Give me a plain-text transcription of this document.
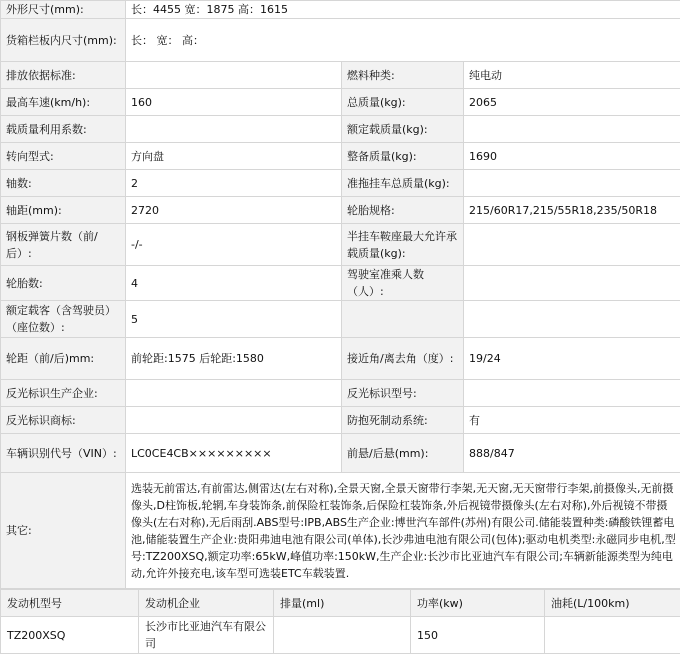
外形尺寸(mm):	长：4455 宽：1875 高：1615		
货箱栏板内尺寸(mm):	长： 宽： 高：		
排放依据标准:		燃料种类:	纯电动
最高车速(km/h):	160	总质量(kg):	2065
载质量利用系数:		额定载质量(kg):	
转向型式:	方向盘	整备质量(kg):	1690
轴数:	2	准拖挂车总质量(kg):	
轴距(mm):	2720	轮胎规格:	215/60R17,215/55R18,235/50R18
钢板弹簧片数（前/后）:	-/-	半挂车鞍座最大允许承载质量(kg):	
轮胎数:	4	驾驶室准乘人数（人）:	
额定载客（含驾驶员）（座位数）:	5		
轮距（前/后)mm:	前轮距:1575 后轮距:1580	接近角/离去角（度）:	19/24
反光标识生产企业:		反光标识型号:	
反光标识商标:		防抱死制动系统:	有
车辆识别代号（VIN）:	LC0CE4CB×××××××××	前悬/后悬(mm):	888/847
其它:	选装无前雷达,有前雷达,侧雷达(左右对称),全景天窗,全景天窗带行李架,无天窗,无天窗带行李架,前摄像头,无前摄像头,D柱饰板,轮辋,车身装饰条,前保险杠装饰条,后保险杠装饰条,外后视镜带摄像头(左右对称),外后视镜不带摄像头(左右对称),无后雨刮.ABS型号:IPB,ABS生产企业:博世汽车部件(苏州)有限公司.储能装置种类:磷酸铁锂蓄电池,储能装置生产企业:贵阳弗迪电池有限公司(单体),长沙弗迪电池有限公司(包体);驱动电机类型:永磁同步电机,型号:TZ200XSQ,额定功率:65kW,峰值功率:150kW,生产企业:长沙市比亚迪汽车有限公司;车辆新能源类型为纯电动,允许外接充电,该车型可选装ETC车载装置.		
发动机型号	发动机企业	排量(ml)	功率(kw)	油耗(L/100km)
TZ200XSQ	长沙市比亚迪汽车有限公司		150	
